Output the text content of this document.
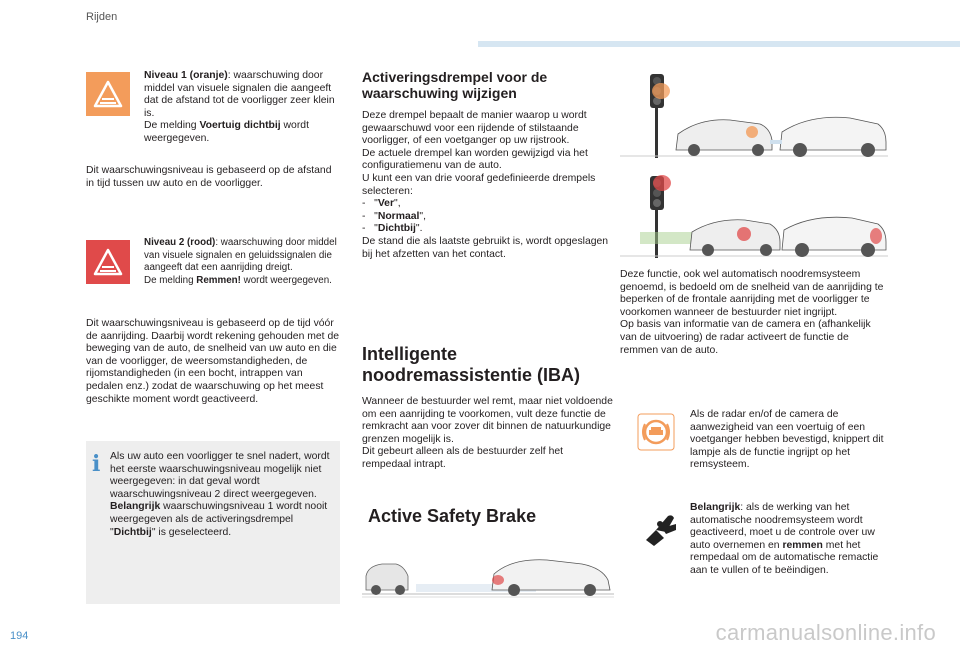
Rijden
Niveau 1 (oranje): waarschuwing door middel van visuele signalen die aangeeft dat de afstand tot de voorligger zeer klein is.
De melding Voertuig dichtbij wordt weergegeven.
Dit waarschuwingsniveau is gebaseerd op de afstand in tijd tussen uw auto en de voorligger.
Niveau 2 (rood): waarschuwing door middel van visuele signalen en geluidssignalen die aangeeft dat een aanrijding dreigt.
De melding Remmen! wordt weergegeven.
Dit waarschuwingsniveau is gebaseerd op de tijd vóór de aanrijding. Daarbij wordt rekening gehouden met de beweging van de auto, de snelheid van uw auto en die van de voorligger, de weersomstandigheden, de rijomstandigheden (in een bocht, intrappen van pedalen enz.) zodat de waarschuwing op het meest geschikte moment wordt geactiveerd.
i Als uw auto een voorligger te snel nadert, wordt het eerste waarschuwingsniveau mogelijk niet weergegeven: in dat geval wordt waarschuwingsniveau 2 direct weergegeven.
Belangrijk waarschuwingsniveau 1 wordt nooit weergegeven als de activeringsdrempel "Dichtbij" is geselecteerd.
Activeringsdrempel voor de waarschuwing wijzigen
Deze drempel bepaalt de manier waarop u wordt gewaarschuwd voor een rijdende of stilstaande voorligger, of een voetganger op uw rijstrook.
De actuele drempel kan worden gewijzigd via het configuratiemenu van de auto.
U kunt een van drie vooraf gedefinieerde drempels selecteren:
-   "Ver",
-   "Normaal",
-   "Dichtbij".
De stand die als laatste gebruikt is, wordt opgeslagen bij het afzetten van het contact.
Intelligente noodremassistentie (IBA)
Wanneer de bestuurder wel remt, maar niet voldoende om een aanrijding te voorkomen, vult deze functie de remkracht aan voor zover dit binnen de natuurkundige grenzen mogelijk is.
Dit gebeurt alleen als de bestuurder zelf het rempedaal intrapt.
Active Safety Brake
Deze functie, ook wel automatisch noodremsysteem genoemd, is bedoeld om de snelheid van de aanrijding te beperken of de frontale aanrijding met de voorligger te voorkomen wanneer de bestuurder niet ingrijpt.
Op basis van informatie van de camera en (afhankelijk van de uitvoering) de radar activeert de functie de remmen van de auto.
Als de radar en/of de camera de aanwezigheid van een voertuig of een voetganger hebben bevestigd, knippert dit lampje als de functie ingrijpt op het remsysteem.
Belangrijk: als de werking van het automatische noodremsysteem wordt geactiveerd, moet u de controle over uw auto overnemen en remmen met het rempedaal om de automatische remactie aan te vullen of te beëindigen.
194	carmanualsonline.info
